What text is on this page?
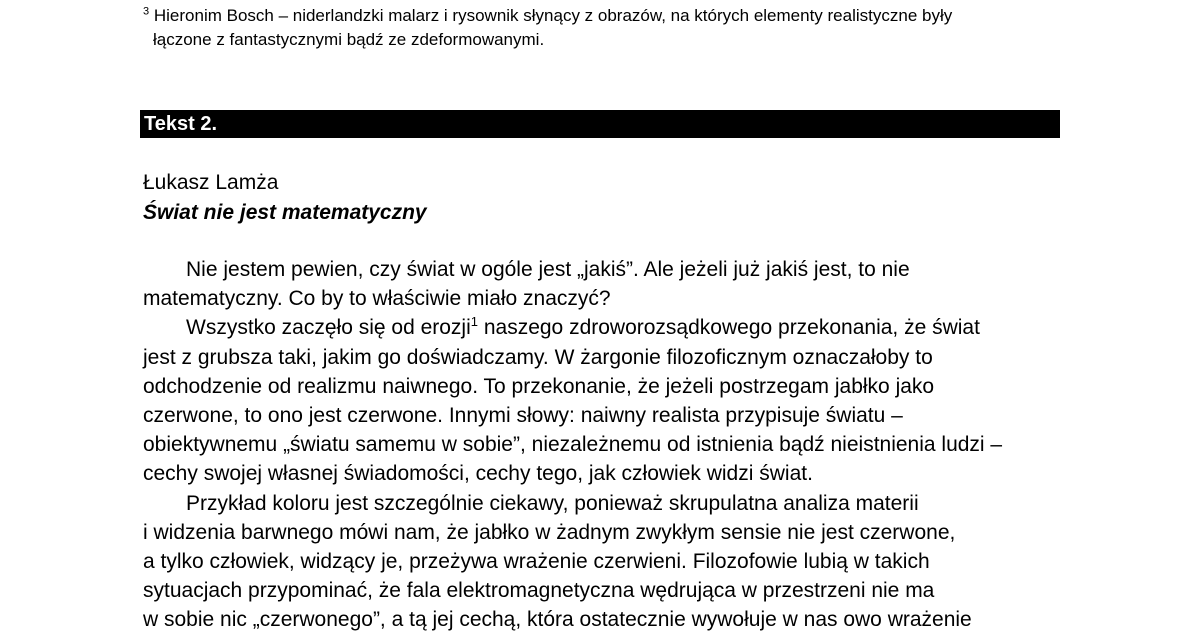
$^3$ Hieronim Bosch – niderlandzki malarz i rysownik słynący z obrazów, na których elementy realistyczne były
łączone z fantastycznymi bądź ze zdeformowanymi.
Tekst 2.
Łukasz Lamża
Świat nie jest matematyczny
Nie jestem pewien, czy świat w ogóle jest „jakiś”. Ale jeżeli już jakiś jest, to nie
matematyczny. Co by to właściwie miało znaczyć?
Wszystko zaczęło się od erozji$^1$ naszego zdroworozsądkowego przekonania, że świat
jest z grubsza taki, jakim go doświadczamy. W żargonie filozoficznym oznaczałoby to
odchodzenie od realizmu naiwnego. To przekonanie, że jeżeli postrzegam jabłko jako
czerwone, to ono jest czerwone. Innymi słowy: naiwny realista przypisuje światu –
obiektywnemu „światu samemu w sobie”, niezależnemu od istnienia bądź nieistnienia ludzi –
cechy swojej własnej świadomości, cechy tego, jak człowiek widzi świat.
Przykład koloru jest szczególnie ciekawy, ponieważ skrupulatna analiza materii
i widzenia barwnego mówi nam, że jabłko w żadnym zwykłym sensie nie jest czerwone,
a tylko człowiek, widzący je, przeżywa wrażenie czerwieni. Filozofowie lubią w takich
sytuacjach przypominać, że fala elektromagnetyczna wędrująca w przestrzeni nie ma
w sobie nic „czerwonego”, a tą jej cechą, która ostatecznie wywołuje w nas owo wrażenie
